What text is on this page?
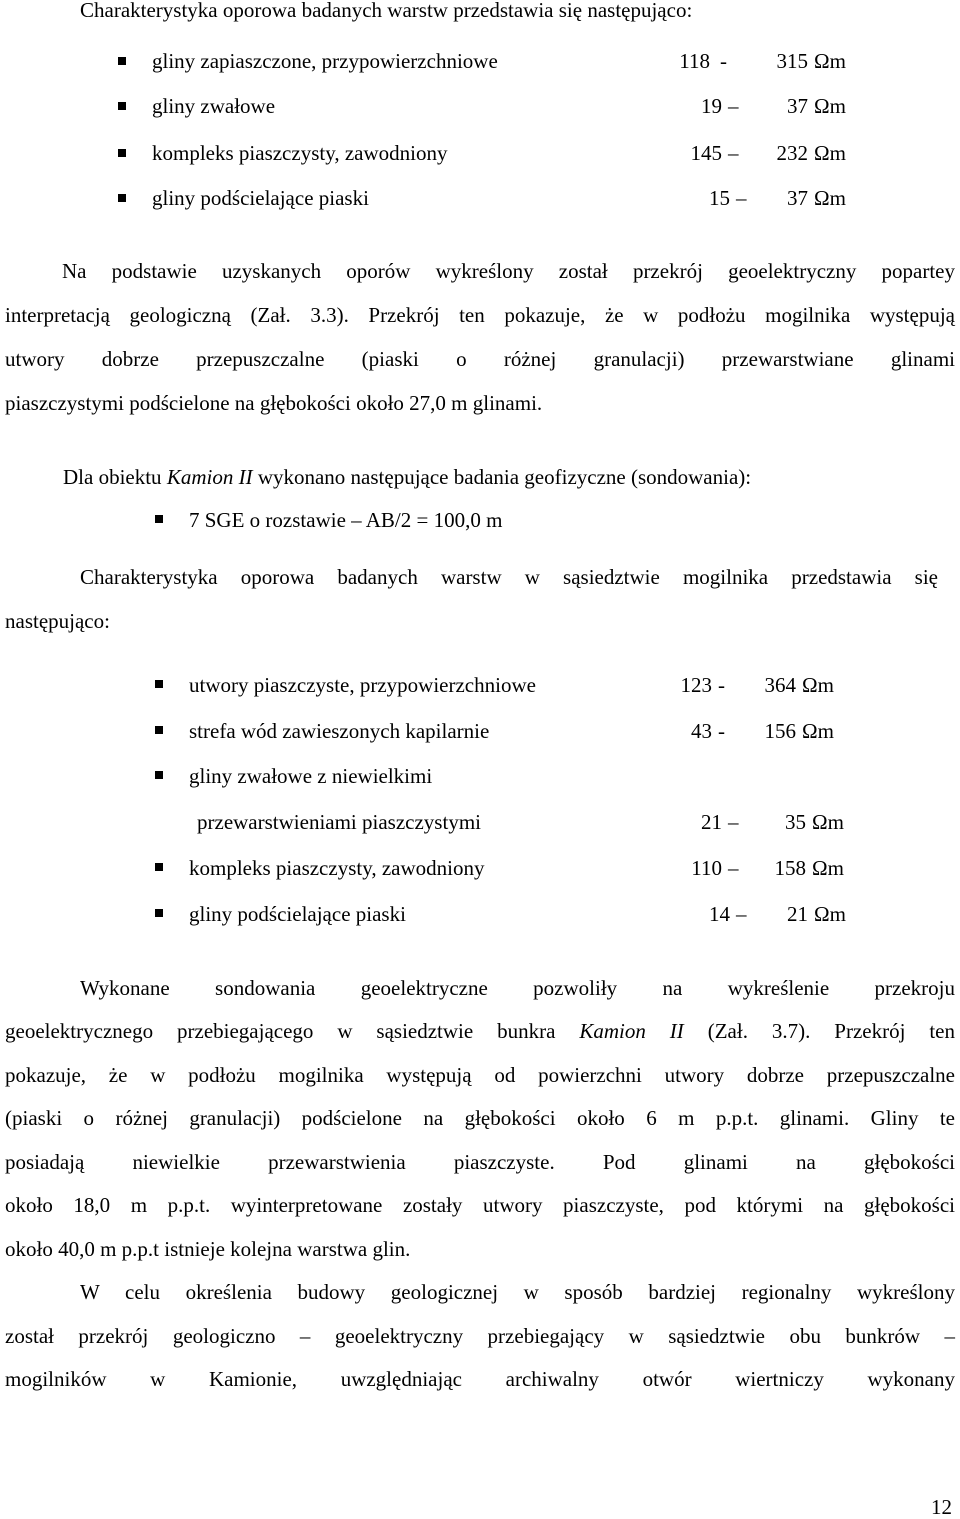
Charakterystyka oporowa badanych warstw przedstawia się następująco:
gliny zapiaszczone, przypowierzchniowe	118 -	315 Ωm
gliny zwałowe	19 –	37 Ωm
kompleks piaszczysty, zawodniony	145 –	232 Ωm
gliny podścielające piaski	15 –	37 Ωm
Na podstawie uzyskanych oporów wykreślony został przekrój geoelektryczny popartey
interpretacją geologiczną (Zał. 3.3). Przekrój ten pokazuje, że w podłożu mogilnika występują
utwory dobrze przepuszczalne (piaski o różnej granulacji) przewarstwiane glinami
piaszczystymi podścielone na głębokości około 27,0 m glinami.
Dla obiektu Kamion II wykonano następujące badania geofizyczne (sondowania):
7 SGE o rozstawie – AB/2 = 100,0 m
Charakterystyka oporowa badanych warstw w sąsiedztwie mogilnika przedstawia się
następująco:
utwory piaszczyste, przypowierzchniowe	123 -	364 Ωm
strefa wód zawieszonych kapilarnie	43 -	156 Ωm
gliny zwałowe z niewielkimi
przewarstwieniami piaszczystymi	21 –	35 Ωm
kompleks piaszczysty, zawodniony	110 –	158 Ωm
gliny podścielające piaski	14 –	21 Ωm
Wykonane sondowania geoelektryczne pozwoliły na wykreślenie przekroju
geoelektrycznego przebiegającego w sąsiedztwie bunkra Kamion II (Zał. 3.7). Przekrój ten
pokazuje, że w podłożu mogilnika występują od powierzchni utwory dobrze przepuszczalne
(piaski o różnej granulacji) podścielone na głębokości około 6 m p.p.t. glinami. Gliny te
posiadają niewielkie przewarstwienia piaszczyste. Pod glinami na głębokości
około 18,0 m p.p.t. wyinterpretowane zostały utwory piaszczyste, pod którymi na głębokości
około 40,0 m p.p.t istnieje kolejna warstwa glin.
W celu określenia budowy geologicznej w sposób bardziej regionalny wykreślony
został przekrój geologiczno – geoelektryczny przebiegający w sąsiedztwie obu bunkrów –
mogilników w Kamionie, uwzględniając archiwalny otwór wiertniczy wykonany
12
